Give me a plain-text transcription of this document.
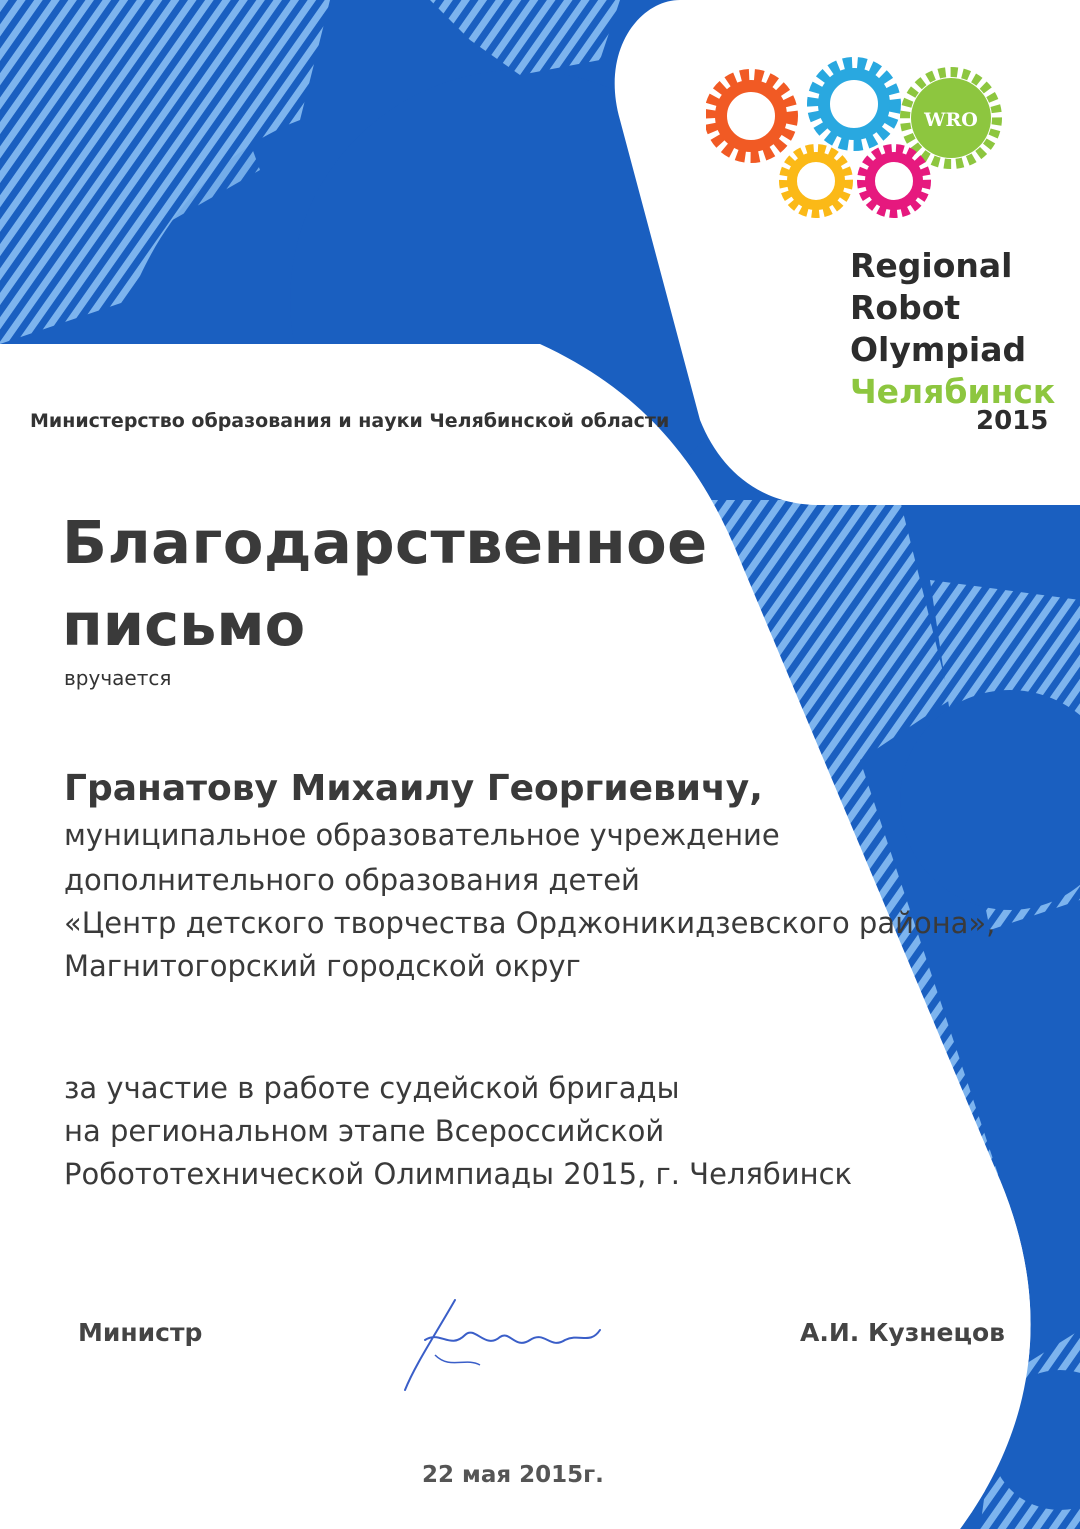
WRO
Regional
Robot
Olympiad
Челябинск
2015
Министерство образования и науки Челябинской области
Благодарственное
письмо
вручается
Гранатову Михаилу Георгиевичу,
муниципальное образовательное учреждение
дополнительного образования детей
«Центр детского творчества Орджоникидзевского района»,
Магнитогорский городской округ
за участие в работе судейской бригады
на региональном этапе Всероссийской
Робототехнической Олимпиады 2015, г. Челябинск
Министр	А.И. Кузнецов
22 мая 2015г.
